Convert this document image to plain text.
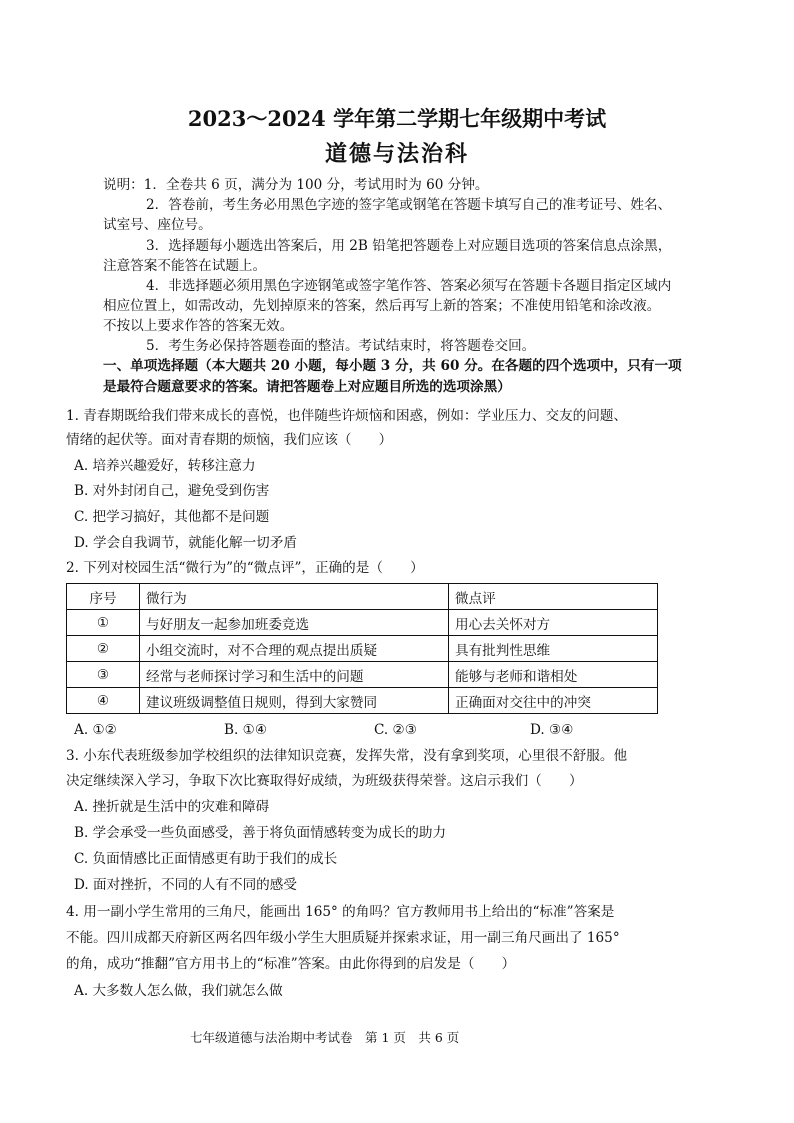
2023～2024 学年第二学期七年级期中考试
道德与法治科
说明：1．全卷共 6 页，满分为 100 分，考试用时为 60 分钟。
2．答卷前，考生务必用黑色字迹的签字笔或钢笔在答题卡填写自己的准考证号、姓名、
试室号、座位号。
3．选择题每小题选出答案后，用 2B 铅笔把答题卷上对应题目选项的答案信息点涂黑，
注意答案不能答在试题上。
4．非选择题必须用黑色字迹钢笔或签字笔作答、答案必须写在答题卡各题目指定区域内
相应位置上，如需改动，先划掉原来的答案，然后再写上新的答案；不准使用铅笔和涂改液。
不按以上要求作答的答案无效。
5．考生务必保持答题卷面的整洁。考试结束时，将答题卷交回。
一、单项选择题（本大题共 20 小题，每小题 3 分，共 60 分。在各题的四个选项中，只有一项
是最符合题意要求的答案。请把答题卷上对应题目所选的选项涂黑）
1. 青春期既给我们带来成长的喜悦，也伴随些许烦恼和困惑，例如：学业压力、交友的问题、
情绪的起伏等。面对青春期的烦恼，我们应该（　　）
A. 培养兴趣爱好，转移注意力
B. 对外封闭自己，避免受到伤害
C. 把学习搞好，其他都不是问题
D. 学会自我调节，就能化解一切矛盾
2. 下列对校园生活“微行为”的“微点评”，正确的是（　　）
序号	微行为	微点评
①	与好朋友一起参加班委竞选	用心去关怀对方
②	小组交流时，对不合理的观点提出质疑	具有批判性思维
③	经常与老师探讨学习和生活中的问题	能够与老师和谐相处
④	建议班级调整值日规则，得到大家赞同	正确面对交往中的冲突
A. ①②	B. ①④	C. ②③	D. ③④
3. 小东代表班级参加学校组织的法律知识竞赛，发挥失常，没有拿到奖项，心里很不舒服。他
决定继续深入学习，争取下次比赛取得好成绩，为班级获得荣誉。这启示我们（　　）
A. 挫折就是生活中的灾难和障碍
B. 学会承受一些负面感受，善于将负面情感转变为成长的助力
C. 负面情感比正面情感更有助于我们的成长
D. 面对挫折，不同的人有不同的感受
4. 用一副小学生常用的三角尺，能画出 165° 的角吗？官方教师用书上给出的“标准”答案是
不能。四川成都天府新区两名四年级小学生大胆质疑并探索求证，用一副三角尺画出了 165°
的角，成功“推翻”官方用书上的“标准”答案。由此你得到的启发是（　　）
A. 大多数人怎么做，我们就怎么做
七年级道德与法治期中考试卷　第 1 页　共 6 页
